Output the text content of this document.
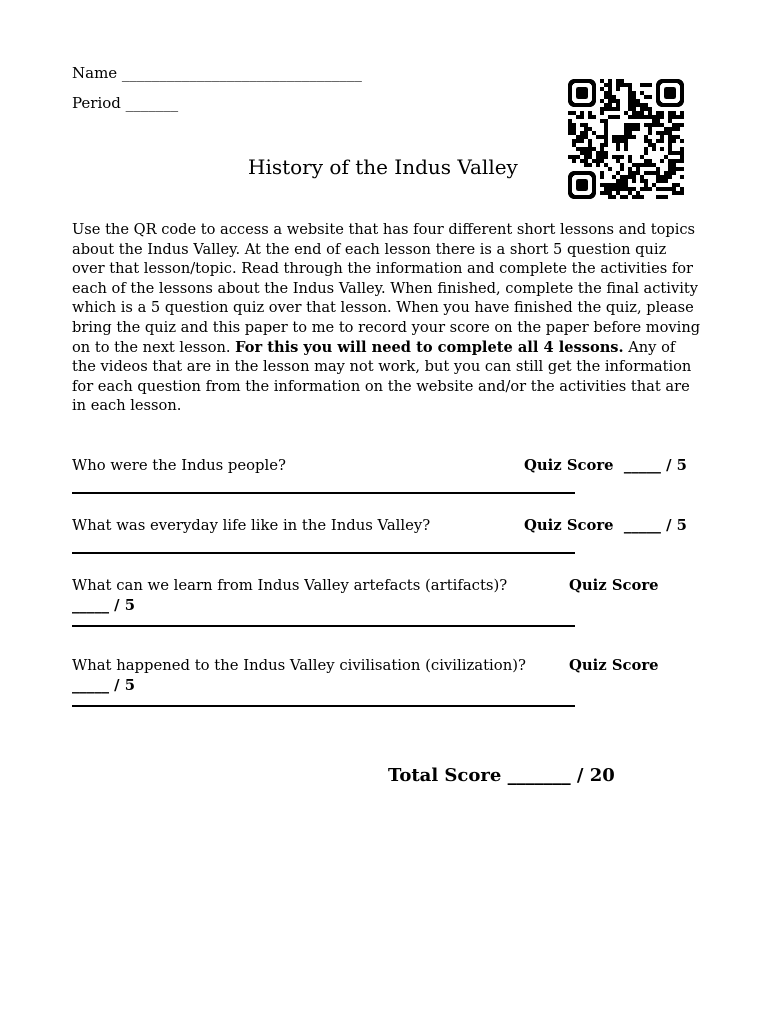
Name ________________________________
Period _______
History of the Indus Valley
Use the QR code to access a website that has four different short lessons and topics about the Indus Valley. At the end of each lesson there is a short 5 question quiz over that lesson/topic. Read through the information and complete the activities for each of the lessons about the Indus Valley. When finished, complete the final activity which is a 5 question quiz over that lesson. When you have finished the quiz, please bring the quiz and this paper to me to record your score on the paper before moving on to the next lesson. For this you will need to complete all 4 lessons. Any of the videos that are in the lesson may not work, but you can still get the information for each question from the information on the website and/or the activities that are in each lesson.
Who were the Indus people?	Quiz Score _____ / 5
What was everyday life like in the Indus Valley?	Quiz Score _____ / 5
What can we learn from Indus Valley artefacts (artifacts)?	Quiz Score
_____ / 5
What happened to the Indus Valley civilisation (civilization)?	Quiz Score
_____ / 5
Total Score _______ / 20
